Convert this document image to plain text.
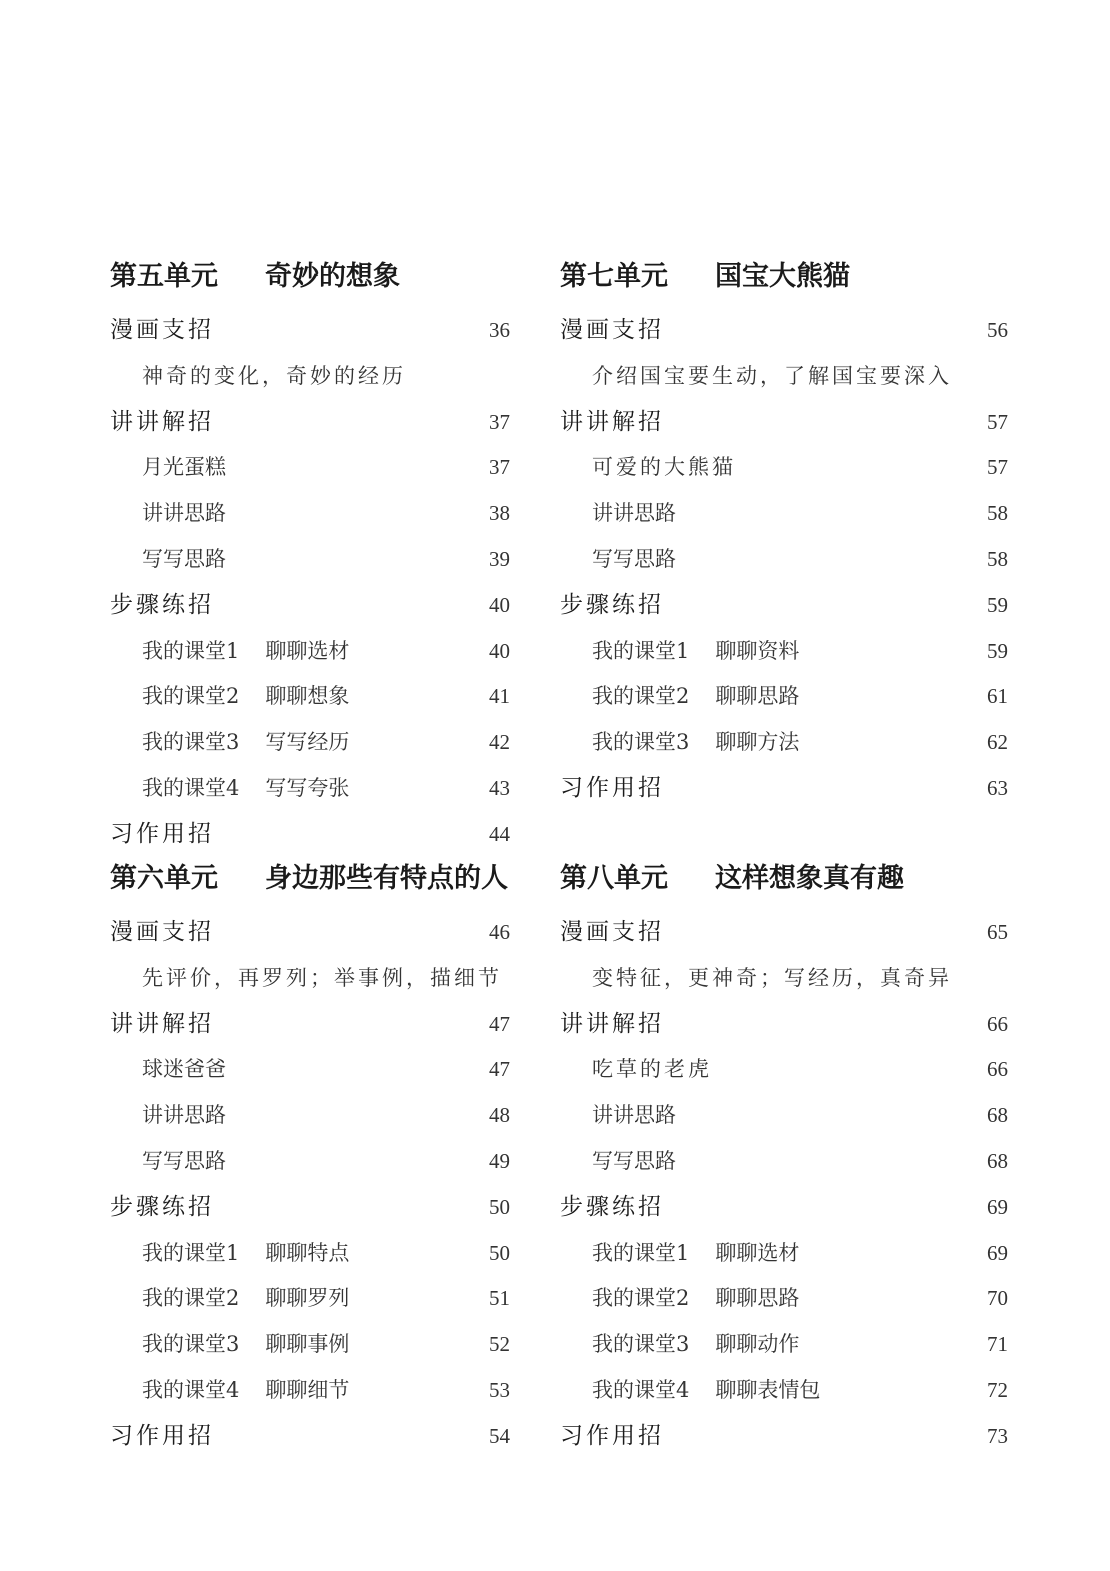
第五单元 奇妙的想象
漫画支招	36
神奇的变化，奇妙的经历
讲讲解招	37
月光蛋糕	37
讲讲思路	38
写写思路	39
步骤练招	40
我的课堂1 聊聊选材	40
我的课堂2 聊聊想象	41
我的课堂3 写写经历	42
我的课堂4 写写夸张	43
习作用招	44
第六单元 身边那些有特点的人
漫画支招	46
先评价，再罗列；举事例，描细节
讲讲解招	47
球迷爸爸	47
讲讲思路	48
写写思路	49
步骤练招	50
我的课堂1 聊聊特点	50
我的课堂2 聊聊罗列	51
我的课堂3 聊聊事例	52
我的课堂4 聊聊细节	53
习作用招	54
第七单元 国宝大熊猫
漫画支招	56
介绍国宝要生动，了解国宝要深入
讲讲解招	57
可爱的大熊猫	57
讲讲思路	58
写写思路	58
步骤练招	59
我的课堂1 聊聊资料	59
我的课堂2 聊聊思路	61
我的课堂3 聊聊方法	62
习作用招	63
第八单元 这样想象真有趣
漫画支招	65
变特征，更神奇；写经历，真奇异
讲讲解招	66
吃草的老虎	66
讲讲思路	68
写写思路	68
步骤练招	69
我的课堂1 聊聊选材	69
我的课堂2 聊聊思路	70
我的课堂3 聊聊动作	71
我的课堂4 聊聊表情包	72
习作用招	73
